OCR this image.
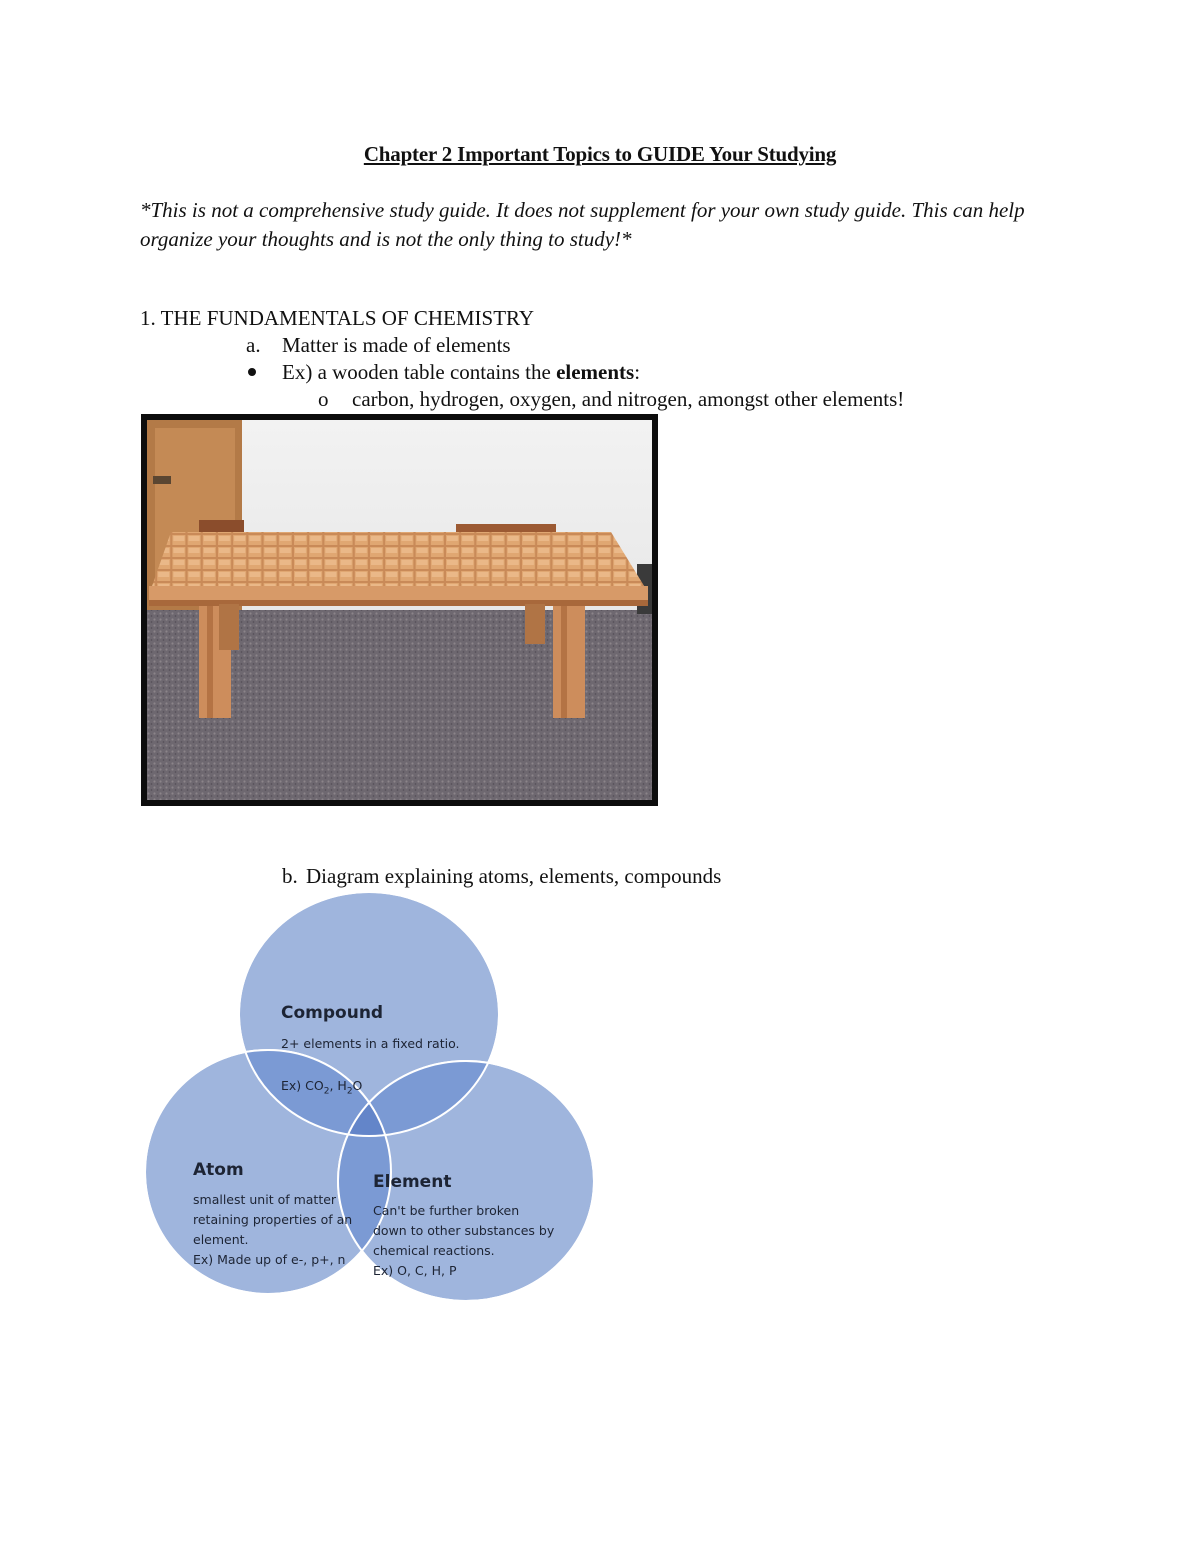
Chapter 2 Important Topics to GUIDE Your Studying
*This is not a comprehensive study guide. It does not supplement for your own study guide. This can help organize your thoughts and is not the only thing to study!*
1. THE FUNDAMENTALS OF CHEMISTRY
a. Matter is made of elements
Ex) a wooden table contains the elements:
o carbon, hydrogen, oxygen, and nitrogen, amongst other elements!
b. Diagram explaining atoms, elements, compounds
Compound
2+ elements in a fixed ratio.

Ex) $CO_2$, $H_2O$

Atom
smallest unit of matter
retaining properties of an
element.
Ex) Made up of e-, p+, n
Element
Can't be further broken
down to other substances by
chemical reactions.
Ex) O, C, H, P
